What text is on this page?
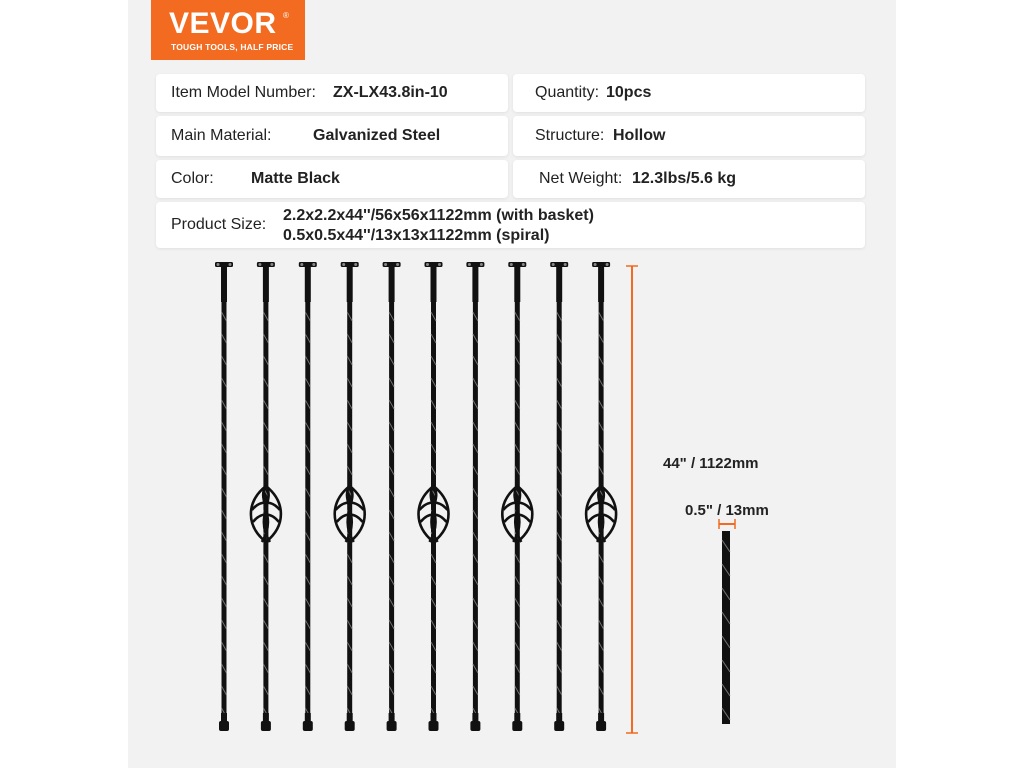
VEVOR ®
TOUGH TOOLS, HALF PRICE
Item Model Number: ZX-LX43.8in-10	Quantity: 10pcs
Main Material:	Galvanized Steel	Structure: Hollow
Color: Matte Black	Net Weight: 12.3lbs/5.6 kg
Product Size:
2.2x2.2x44''/56x56x1122mm (with basket)
0.5x0.5x44''/13x13x1122mm (spiral)
44" / 1122mm
0.5" / 13mm
